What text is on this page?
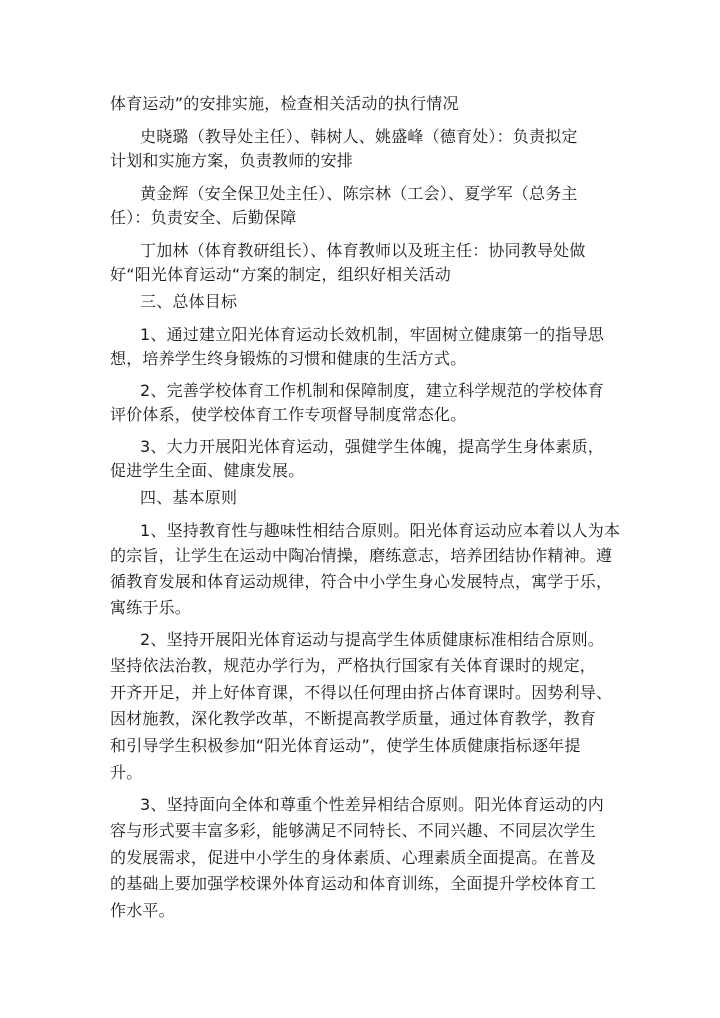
体育运动”的安排实施，检查相关活动的执行情况
史晓璐（教导处主任）、韩树人、姚盛峰（德育处）：负责拟定
计划和实施方案，负责教师的安排
黄金辉（安全保卫处主任）、陈宗林（工会）、夏学军（总务主
任）：负责安全、后勤保障
丁加林（体育教研组长）、体育教师以及班主任：协同教导处做
好“阳光体育运动“方案的制定，组织好相关活动
三、总体目标
1、通过建立阳光体育运动长效机制，牢固树立健康第一的指导思
想，培养学生终身锻炼的习惯和健康的生活方式。
2、完善学校体育工作机制和保障制度，建立科学规范的学校体育
评价体系，使学校体育工作专项督导制度常态化。
3、大力开展阳光体育运动，强健学生体魄，提高学生身体素质，
促进学生全面、健康发展。
四、基本原则
1、坚持教育性与趣味性相结合原则。阳光体育运动应本着以人为本
的宗旨，让学生在运动中陶冶情操，磨练意志，培养团结协作精神。遵
循教育发展和体育运动规律，符合中小学生身心发展特点，寓学于乐，
寓练于乐。
2、坚持开展阳光体育运动与提高学生体质健康标准相结合原则。
坚持依法治教，规范办学行为，严格执行国家有关体育课时的规定，
开齐开足，并上好体育课，不得以任何理由挤占体育课时。因势利导、
因材施教，深化教学改革，不断提高教学质量，通过体育教学，教育
和引导学生积极参加“阳光体育运动”，使学生体质健康指标逐年提
升。
3、坚持面向全体和尊重个性差异相结合原则。阳光体育运动的内
容与形式要丰富多彩，能够满足不同特长、不同兴趣、不同层次学生
的发展需求，促进中小学生的身体素质、心理素质全面提高。在普及
的基础上要加强学校课外体育运动和体育训练，全面提升学校体育工
作水平。
